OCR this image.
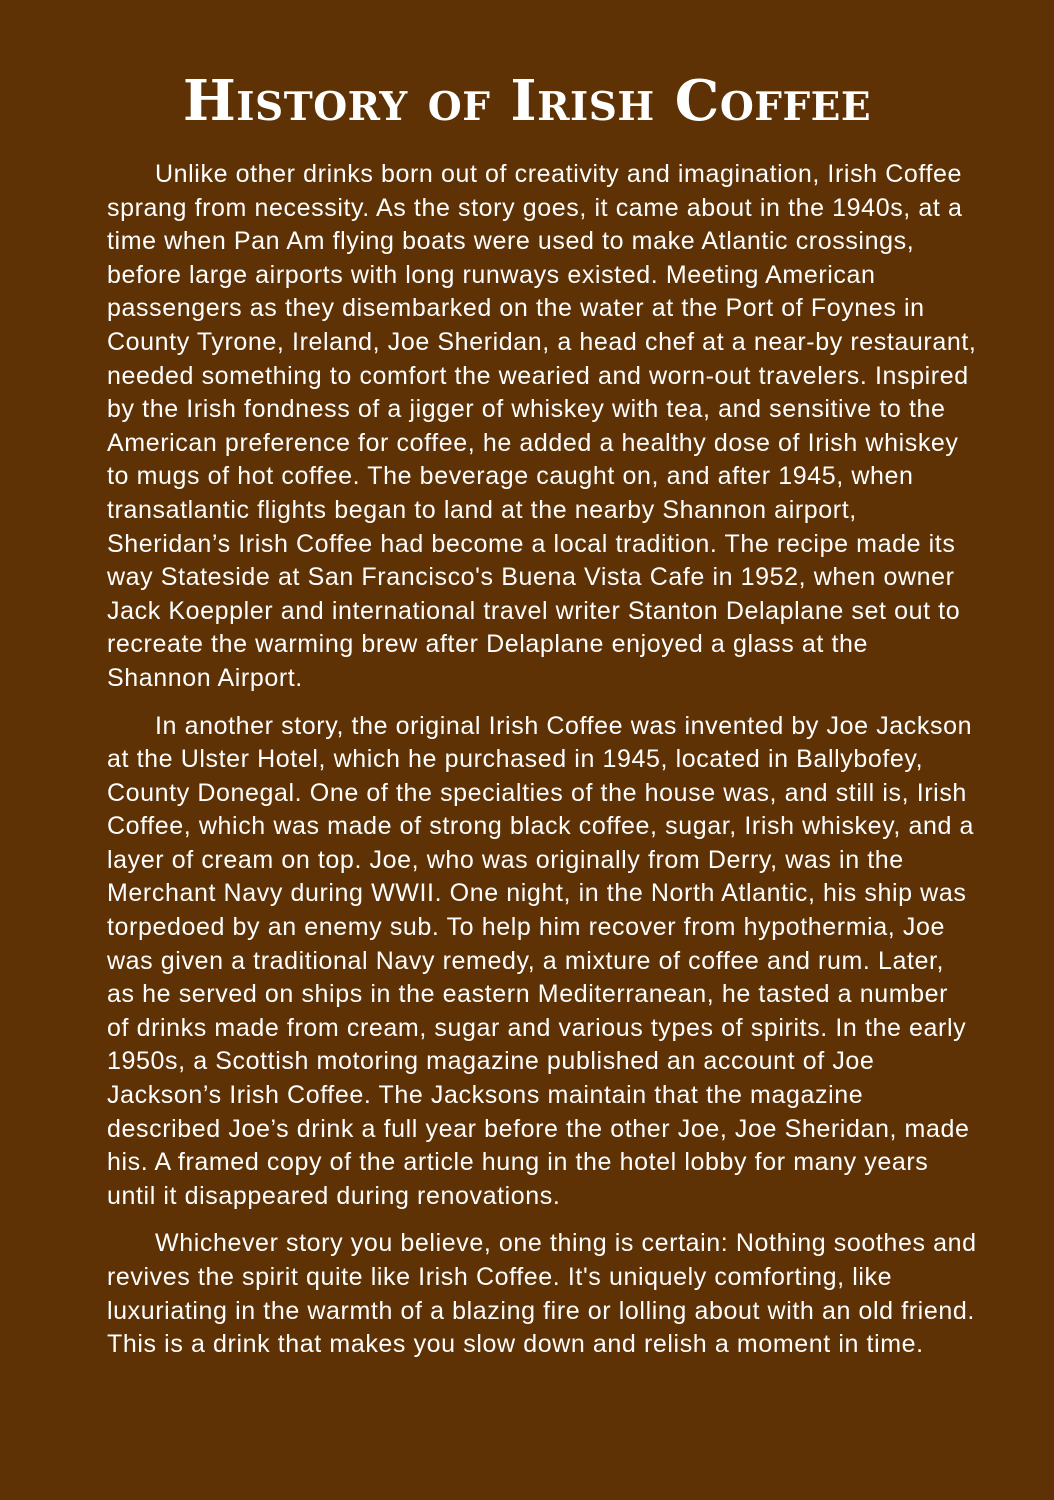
History of Irish Coffee

Unlike other drinks born out of creativity and imagination, Irish Coffee sprang from necessity. As the story goes, it came about in the 1940s, at a time when Pan Am flying boats were used to make Atlantic crossings, before large airports with long runways existed. Meeting American passengers as they disembarked on the water at the Port of Foynes in County Tyrone, Ireland, Joe Sheridan, a head chef at a near-by restaurant, needed something to comfort the wearied and worn-out travelers. Inspired by the Irish fondness of a jigger of whiskey with tea, and sensitive to the American preference for coffee, he added a healthy dose of Irish whiskey to mugs of hot coffee. The beverage caught on, and after 1945, when transatlantic flights began to land at the nearby Shannon airport, Sheridan’s Irish Coffee had become a local tradition. The recipe made its way Stateside at San Francisco's Buena Vista Cafe in 1952, when owner Jack Koeppler and international travel writer Stanton Delaplane set out to recreate the warming brew after Delaplane enjoyed a glass at the Shannon Airport.

In another story, the original Irish Coffee was invented by Joe Jackson at the Ulster Hotel, which he purchased in 1945, located in Ballybofey, County Donegal. One of the specialties of the house was, and still is, Irish Coffee, which was made of strong black coffee, sugar, Irish whiskey, and a layer of cream on top. Joe, who was originally from Derry, was in the Merchant Navy during WWII. One night, in the North Atlantic, his ship was torpedoed by an enemy sub. To help him recover from hypothermia, Joe was given a traditional Navy remedy, a mixture of coffee and rum. Later, as he served on ships in the eastern Mediterranean, he tasted a number of drinks made from cream, sugar and various types of spirits. In the early 1950s, a Scottish motoring magazine published an account of Joe Jackson’s Irish Coffee. The Jacksons maintain that the magazine described Joe’s drink a full year before the other Joe, Joe Sheridan, made his. A framed copy of the article hung in the hotel lobby for many years until it disappeared during renovations.

Whichever story you believe, one thing is certain: Nothing soothes and revives the spirit quite like Irish Coffee. It's uniquely comforting, like luxuriating in the warmth of a blazing fire or lolling about with an old friend. This is a drink that makes you slow down and relish a moment in time.
